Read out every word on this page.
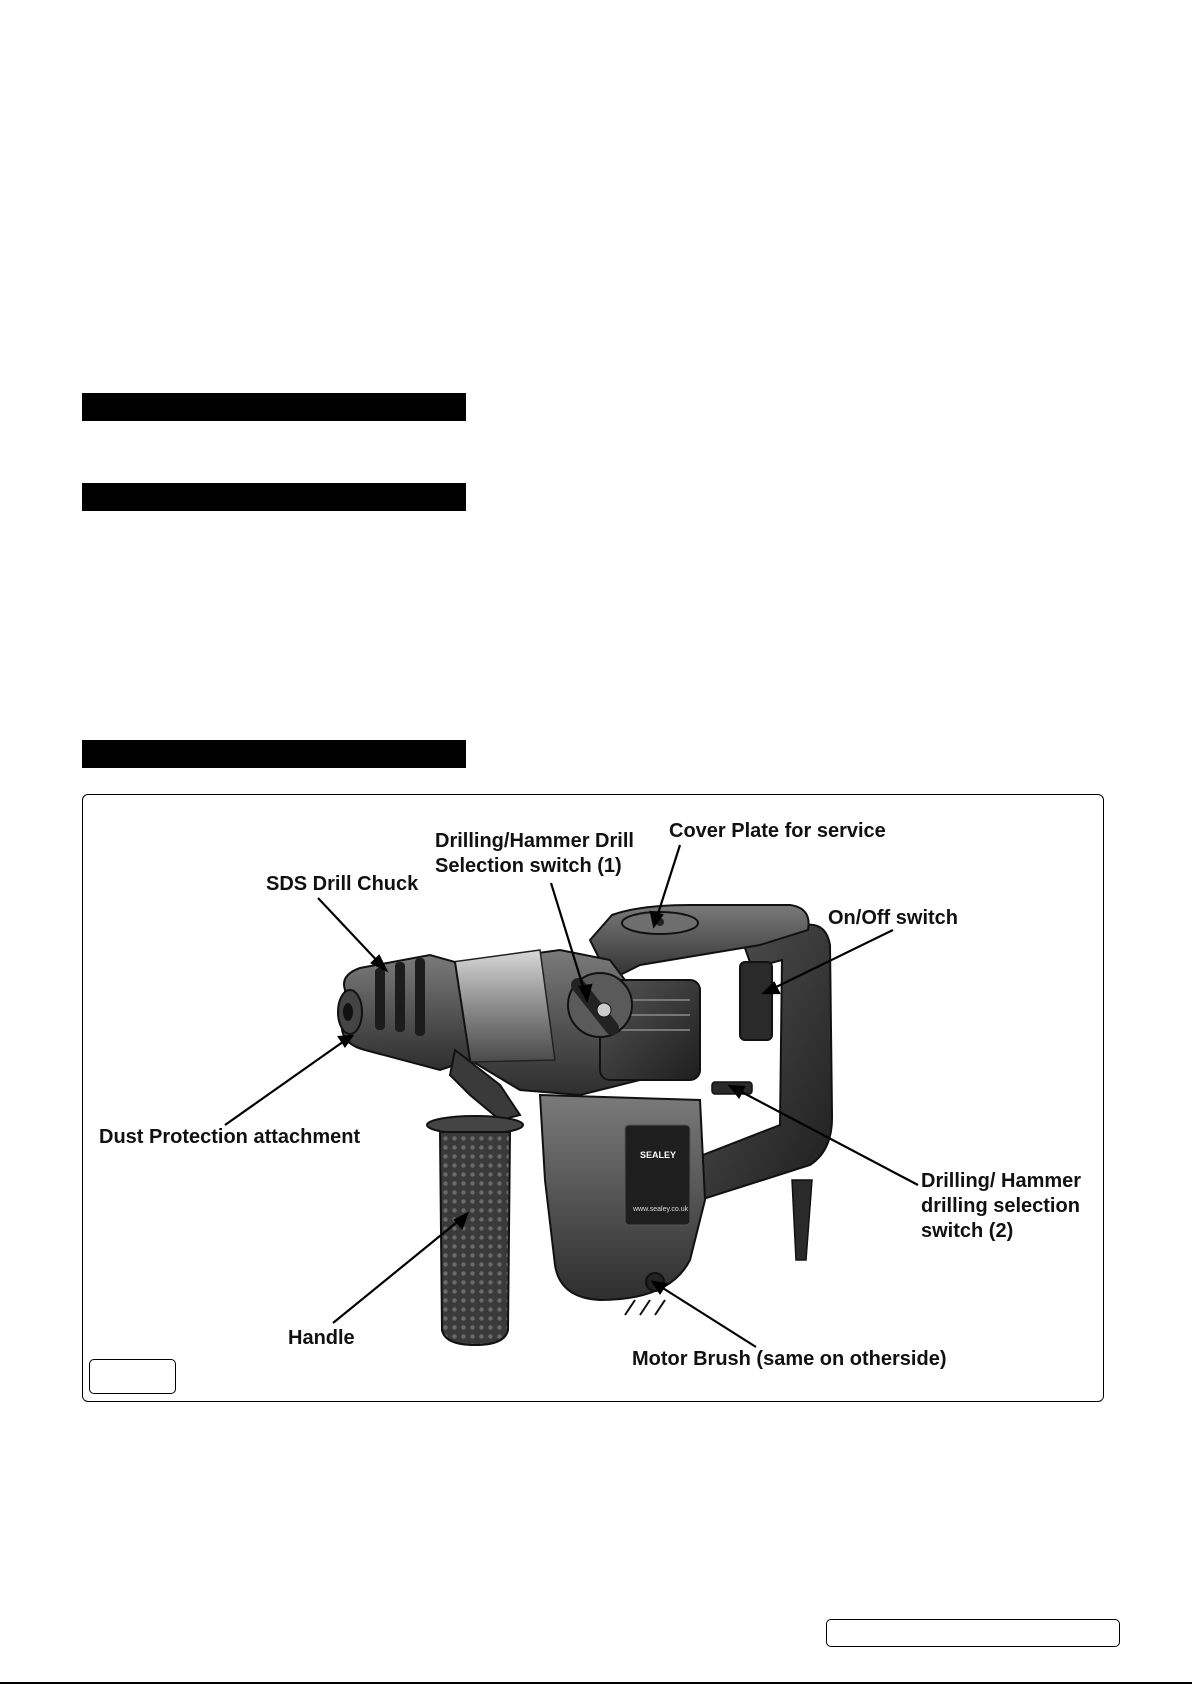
SEALEY
www.sealey.co.uk
Drilling/Hammer Drill
Selection switch (1)
Cover Plate for service
SDS Drill Chuck
On/Off switch
Dust Protection attachment
Drilling/ Hammer
drilling selection
switch (2)
Handle
Motor Brush (same on otherside)
